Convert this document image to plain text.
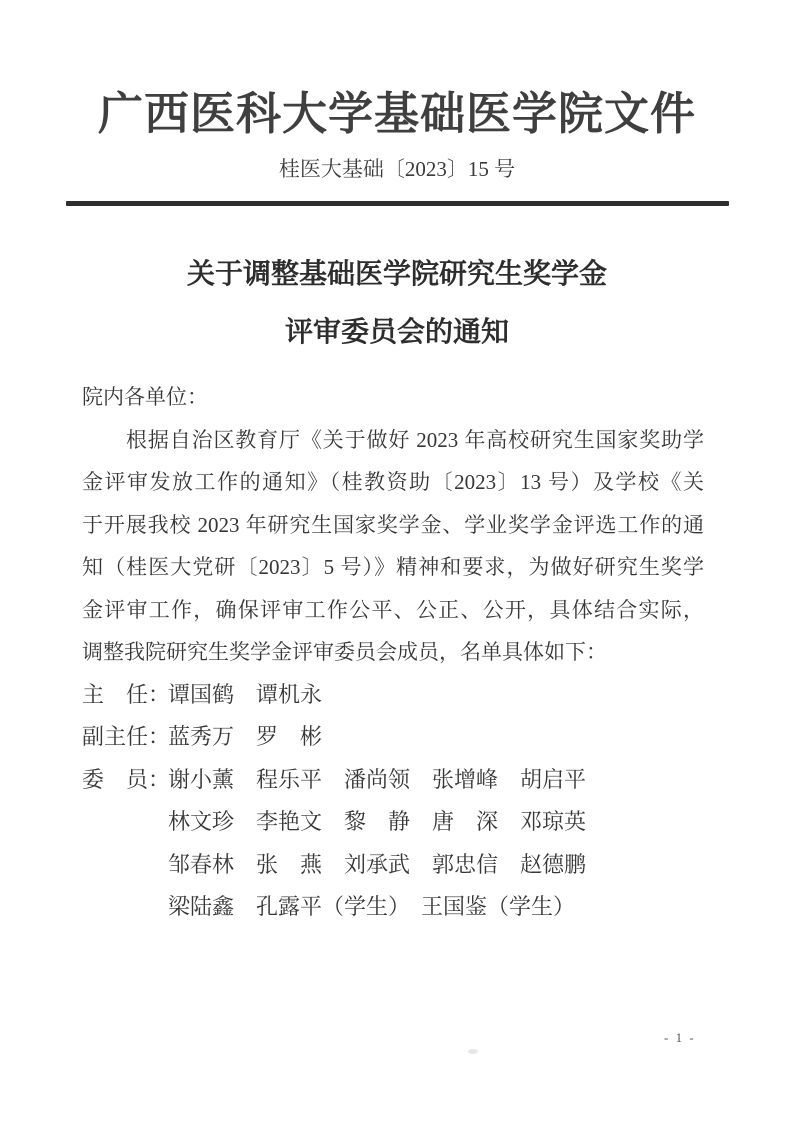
广西医科大学基础医学院文件
桂医大基础〔2023〕15 号
关于调整基础医学院研究生奖学金
评审委员会的通知
院内各单位：
根据自治区教育厅《关于做好 2023 年高校研究生国家奖助学
金评审发放工作的通知》（桂教资助〔2023〕13 号）及学校《关
于开展我校 2023 年研究生国家奖学金、学业奖学金评选工作的通
知（桂医大党研〔2023〕5 号）》精神和要求，为做好研究生奖学
金评审工作，确保评审工作公平、公正、公开，具体结合实际，
调整我院研究生奖学金评审委员会成员，名单具体如下：
主　任：
谭国鹤　谭机永
副主任：
蓝秀万　罗　彬
委　员：
谢小薰　程乐平　潘尚领　张增峰　胡启平
林文珍　李艳文　黎　静　唐　深　邓琼英
邹春林　张　燕　刘承武　郭忠信　赵德鹏
梁陆鑫　孔露平（学生）　王国鉴（学生）
- 1 -
